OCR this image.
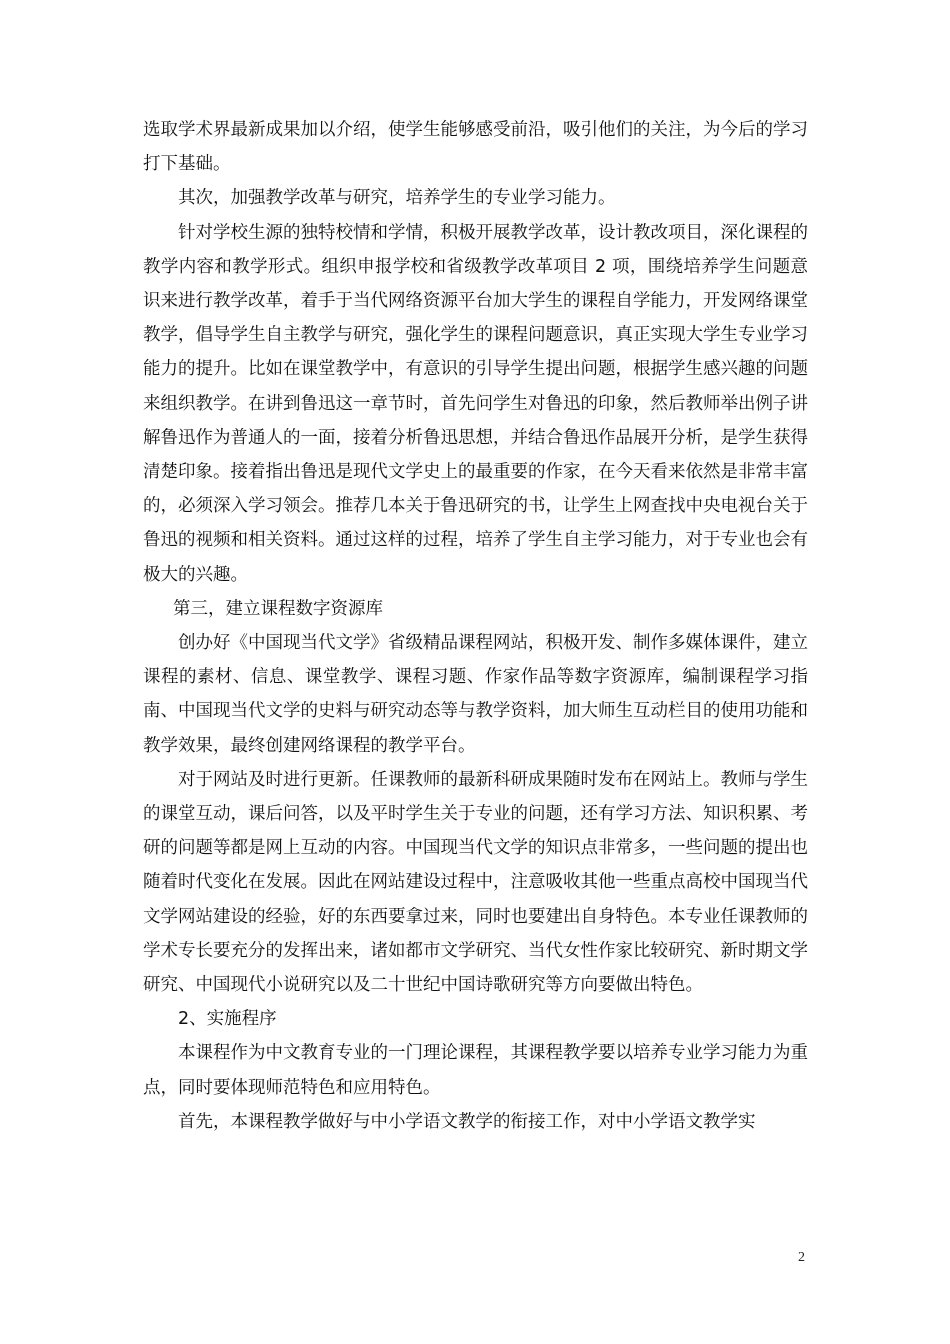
选取学术界最新成果加以介绍，使学生能够感受前沿，吸引他们的关注，为今后的学习打下基础。

其次，加强教学改革与研究，培养学生的专业学习能力。

针对学校生源的独特校情和学情，积极开展教学改革，设计教改项目，深化课程的教学内容和教学形式。组织申报学校和省级教学改革项目 2 项，围绕培养学生问题意识来进行教学改革，着手于当代网络资源平台加大学生的课程自学能力，开发网络课堂教学，倡导学生自主教学与研究，强化学生的课程问题意识，真正实现大学生专业学习能力的提升。比如在课堂教学中，有意识的引导学生提出问题，根据学生感兴趣的问题来组织教学。在讲到鲁迅这一章节时，首先问学生对鲁迅的印象，然后教师举出例子讲解鲁迅作为普通人的一面，接着分析鲁迅思想，并结合鲁迅作品展开分析，是学生获得清楚印象。接着指出鲁迅是现代文学史上的最重要的作家，在今天看来依然是非常丰富的，必须深入学习领会。推荐几本关于鲁迅研究的书，让学生上网查找中央电视台关于鲁迅的视频和相关资料。通过这样的过程，培养了学生自主学习能力，对于专业也会有极大的兴趣。

第三，建立课程数字资源库

创办好《中国现当代文学》省级精品课程网站，积极开发、制作多媒体课件，建立课程的素材、信息、课堂教学、课程习题、作家作品等数字资源库，编制课程学习指南、中国现当代文学的史料与研究动态等与教学资料，加大师生互动栏目的使用功能和教学效果，最终创建网络课程的教学平台。

对于网站及时进行更新。任课教师的最新科研成果随时发布在网站上。教师与学生的课堂互动，课后问答，以及平时学生关于专业的问题，还有学习方法、知识积累、考研的问题等都是网上互动的内容。中国现当代文学的知识点非常多，一些问题的提出也随着时代变化在发展。因此在网站建设过程中，注意吸收其他一些重点高校中国现当代文学网站建设的经验，好的东西要拿过来，同时也要建出自身特色。本专业任课教师的学术专长要充分的发挥出来，诸如都市文学研究、当代女性作家比较研究、新时期文学研究、中国现代小说研究以及二十世纪中国诗歌研究等方向要做出特色。

2、实施程序

本课程作为中文教育专业的一门理论课程，其课程教学要以培养专业学习能力为重点，同时要体现师范特色和应用特色。

首先，本课程教学做好与中小学语文教学的衔接工作，对中小学语文教学实

2
